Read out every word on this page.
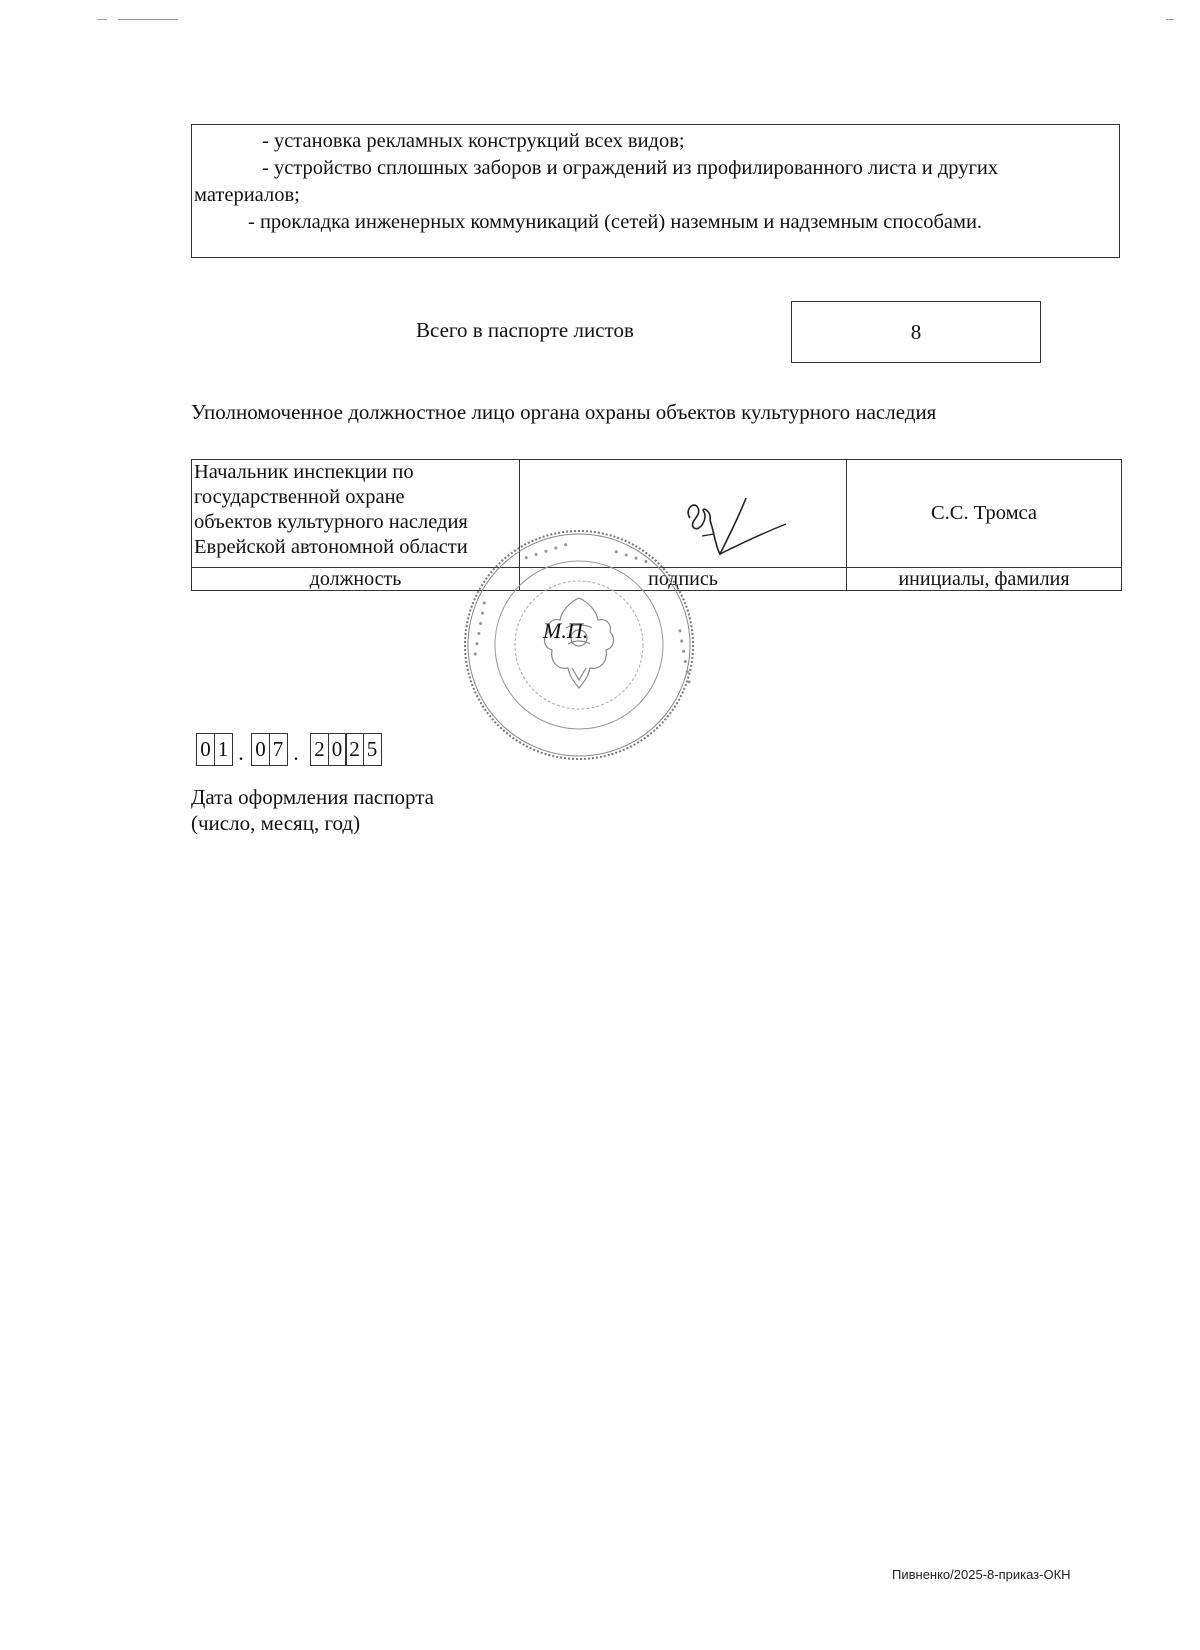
- установка рекламных конструкций всех видов;

- устройство сплошных заборов и ограждений из профилированного листа и других

материалов;

- прокладка инженерных коммуникаций (сетей) наземным и надземным способами.

Всего в паспорте листов	8
Уполномоченное должностное лицо органа охраны объектов культурного наследия
Начальник инспекции по
государственной охране
объектов культурного наследия
Еврейской автономной области		С.С. Тромса
должность	подпись	инициалы, фамилия
∙ ∙ ∙ ∙ ∙	∙ ∙ ∙ ∙
∙ ∙ ∙ ∙ ∙ ∙	∙ ∙ ∙ ∙ ∙ ∙
М.П.
0 1 . 0 7 . 2 0 2 5
Дата оформления паспорта
(число, месяц, год)
Пивненко/2025-8-приказ-ОКН
